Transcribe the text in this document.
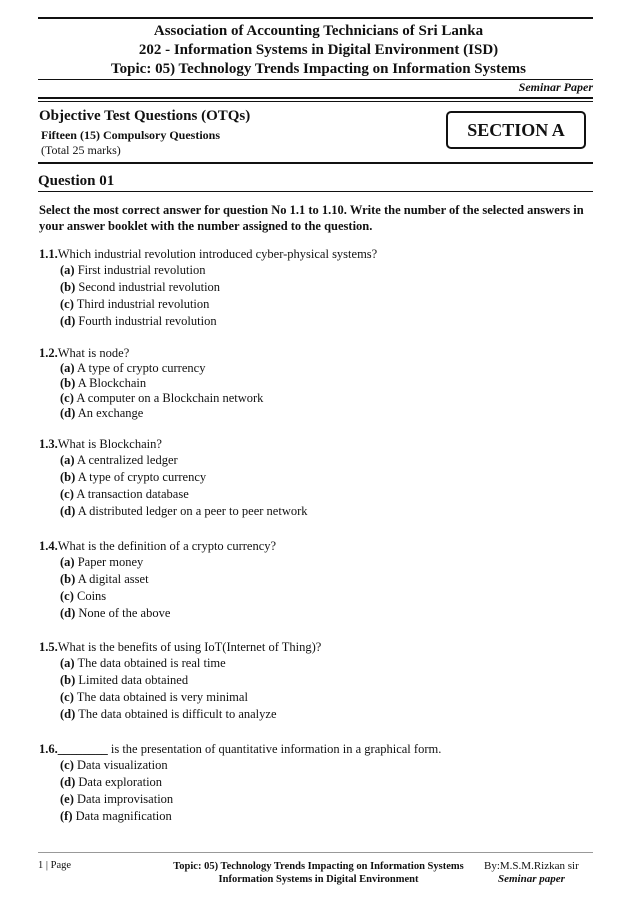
Association of Accounting Technicians of Sri Lanka
202 - Information Systems in Digital Environment (ISD)
Topic: 05) Technology Trends Impacting on Information Systems
Seminar Paper
Objective Test Questions (OTQs)
Fifteen (15) Compulsory Questions
(Total 25 marks)
SECTION A
Question 01
Select the most correct answer for question No 1.1 to 1.10. Write the number of the selected answers in your answer booklet with the number assigned to the question.
1.1.Which industrial revolution introduced cyber-physical systems?
(a) First industrial revolution
(b) Second industrial revolution
(c) Third industrial revolution
(d) Fourth industrial revolution
1.2.What is node?
(a) A type of crypto currency
(b) A Blockchain
(c) A computer on a Blockchain network
(d) An exchange
1.3.What is Blockchain?
(a) A centralized ledger
(b) A type of crypto currency
(c) A transaction database
(d) A distributed ledger on a peer to peer network
1.4.What is the definition of a crypto currency?
(a) Paper money
(b) A digital asset
(c) Coins
(d) None of the above
1.5.What is the benefits of using IoT(Internet of Thing)?
(a) The data obtained is real time
(b) Limited data obtained
(c) The data obtained is very minimal
(d) The data obtained is difficult to analyze
1.6.________ is the presentation of quantitative information in a graphical form.
(c) Data visualization
(d) Data exploration
(e) Data improvisation
(f) Data magnification
1 | Page	Topic: 05) Technology Trends Impacting on Information Systems
Information Systems in Digital Environment
By:M.S.M.Rizkan sir
Seminar paper
